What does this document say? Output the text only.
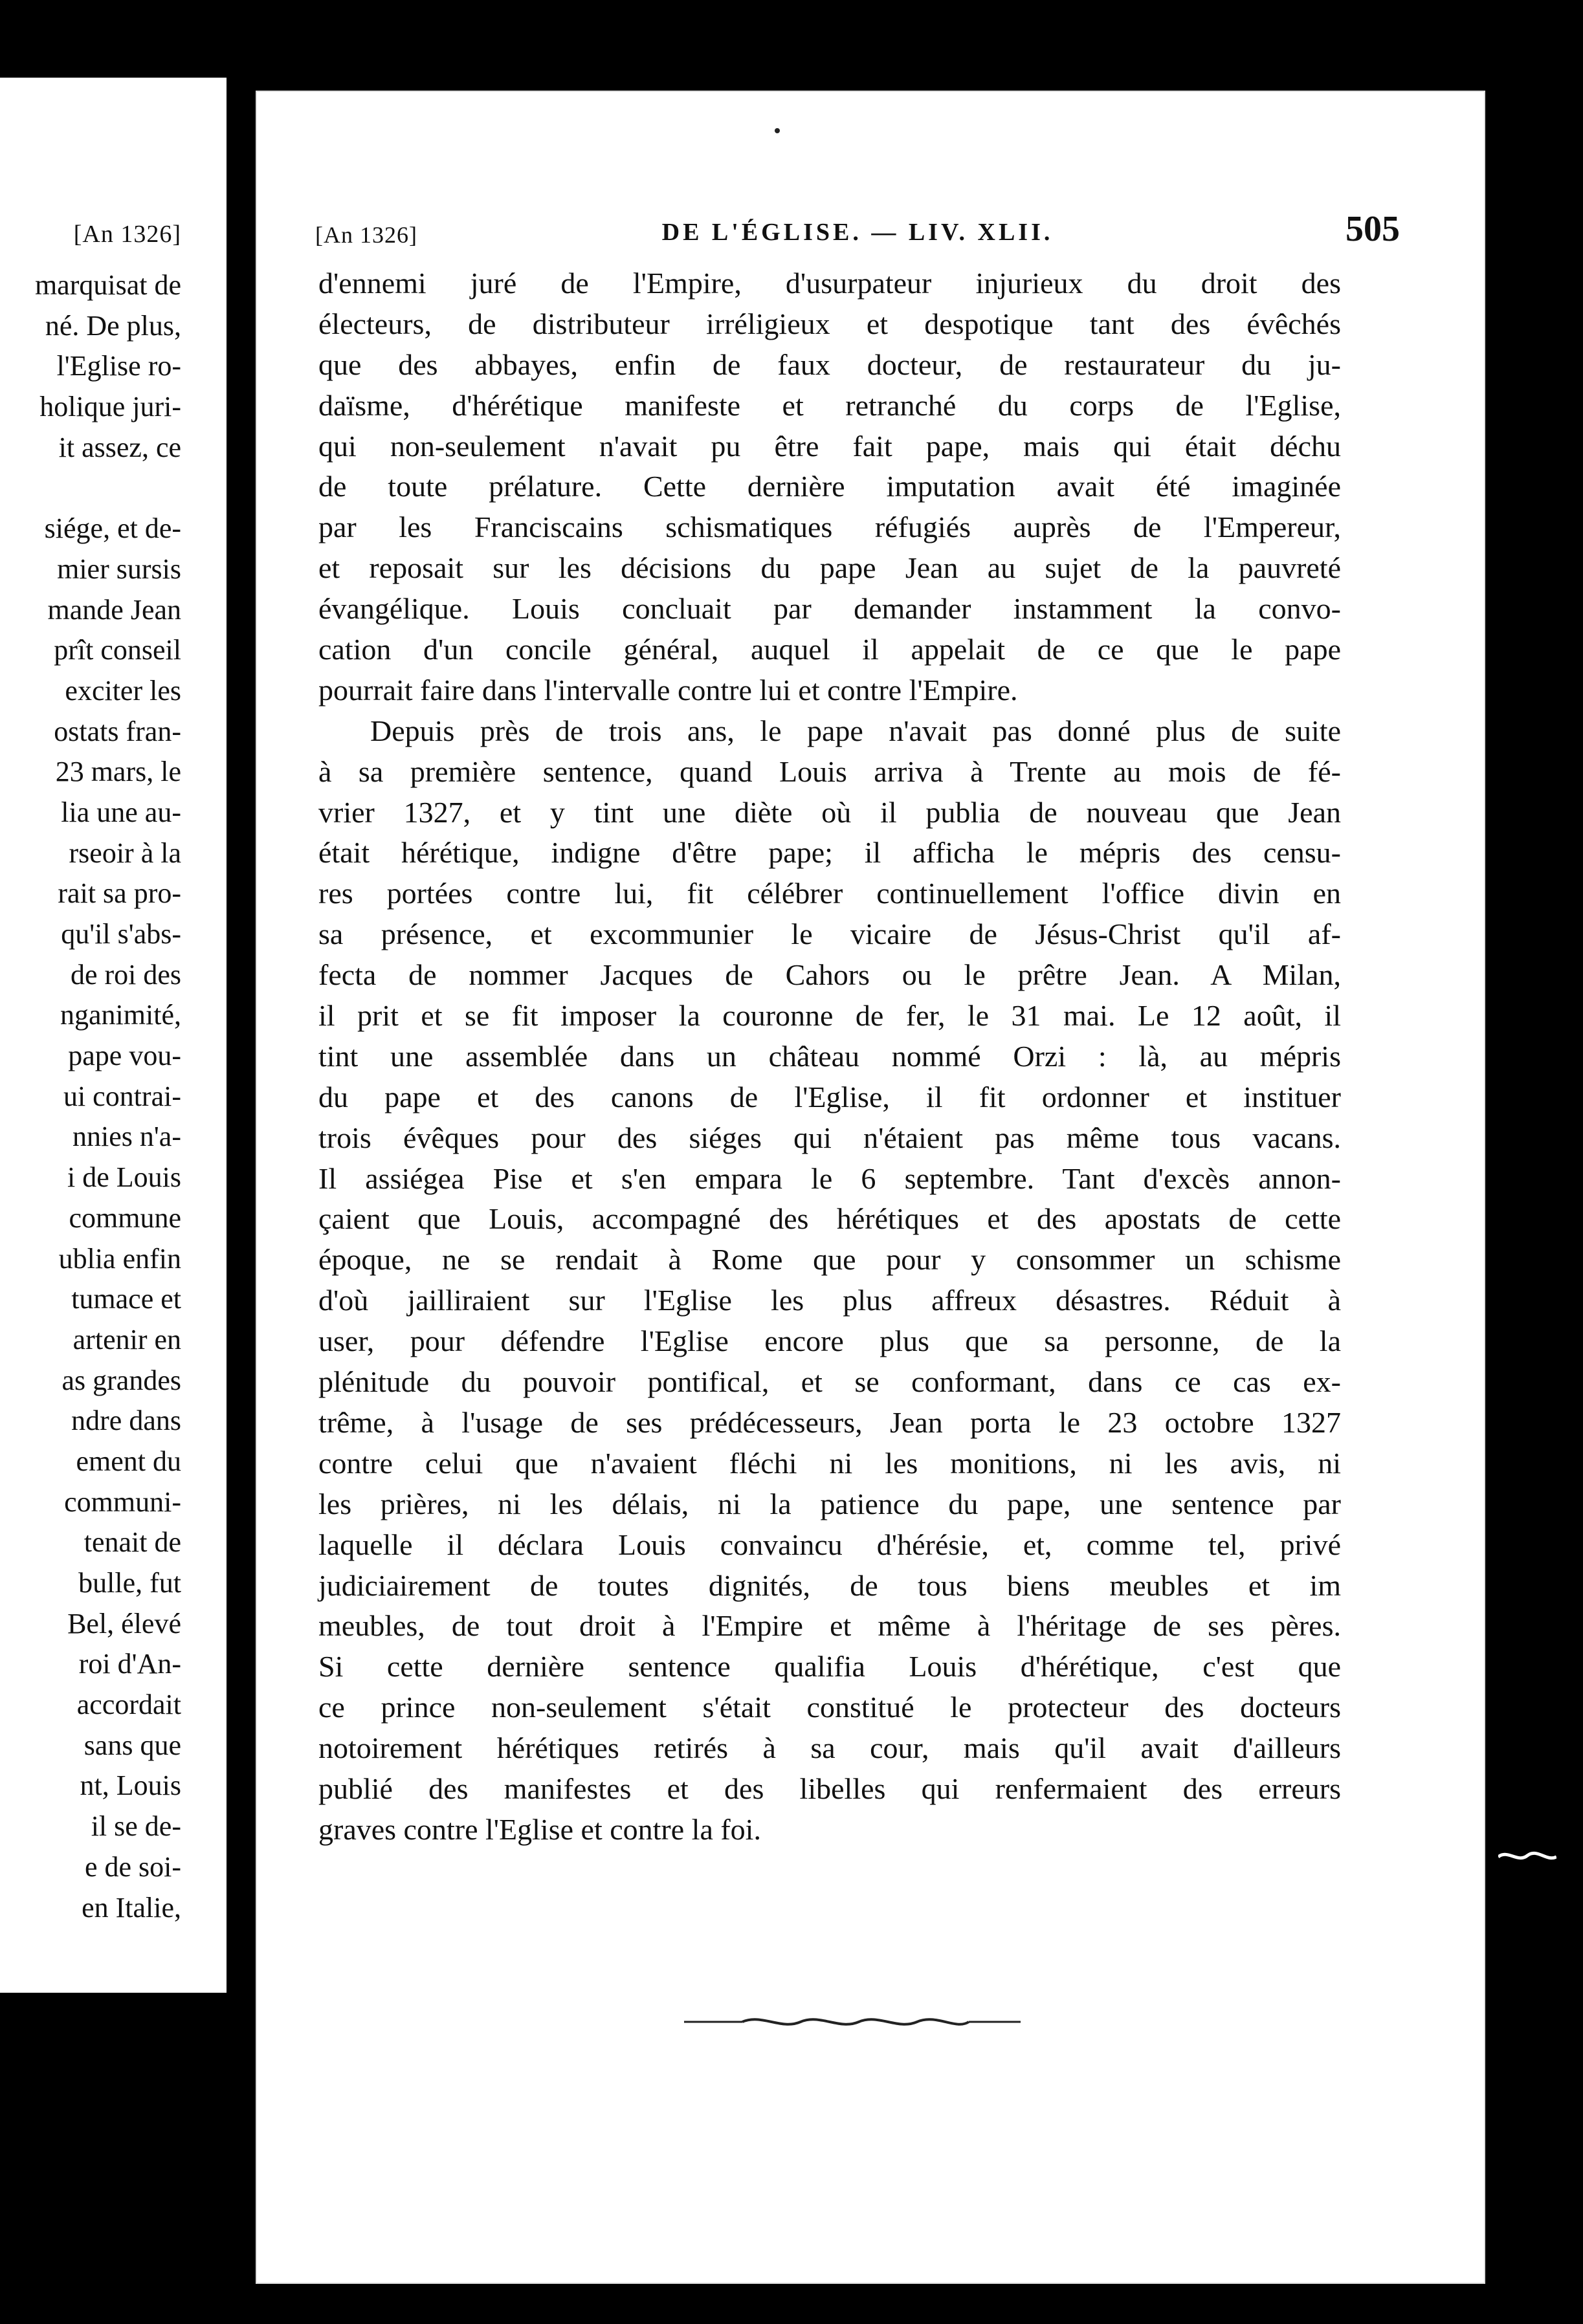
[An 1326]
marquisat de
né. De plus,
l'Eglise ro-
holique juri-
it assez, ce
siége, et de-
mier sursis
mande Jean
prît conseil
exciter les
ostats fran-
23 mars, le
lia une au-
rseoir à la
rait sa pro-
qu'il s'abs-
de roi des
nganimité,
pape vou-
ui contrai-
nnies n'a-
i de Louis
commune
ublia enfin
tumace et
artenir en
as grandes
ndre dans
ement du
communi-
tenait de
bulle, fut
Bel, élevé
roi d'An-
accordait
sans que
nt, Louis
il se de-
e de soi-
en Italie,
[An 1326]	DE L'ÉGLISE. — LIV. XLII.	505
d'ennemi juré de l'Empire, d'usurpateur injurieux du droit des
électeurs, de distributeur irréligieux et despotique tant des évêchés
que des abbayes, enfin de faux docteur, de restaurateur du ju-
daïsme, d'hérétique manifeste et retranché du corps de l'Eglise,
qui non-seulement n'avait pu être fait pape, mais qui était déchu
de toute prélature. Cette dernière imputation avait été imaginée
par les Franciscains schismatiques réfugiés auprès de l'Empereur,
et reposait sur les décisions du pape Jean au sujet de la pauvreté
évangélique. Louis concluait par demander instamment la convo-
cation d'un concile général, auquel il appelait de ce que le pape
pourrait faire dans l'intervalle contre lui et contre l'Empire.
Depuis près de trois ans, le pape n'avait pas donné plus de suite
à sa première sentence, quand Louis arriva à Trente au mois de fé-
vrier 1327, et y tint une diète où il publia de nouveau que Jean
était hérétique, indigne d'être pape; il afficha le mépris des censu-
res portées contre lui, fit célébrer continuellement l'office divin en
sa présence, et excommunier le vicaire de Jésus-Christ qu'il af-
fecta de nommer Jacques de Cahors ou le prêtre Jean. A Milan,
il prit et se fit imposer la couronne de fer, le 31 mai. Le 12 août, il
tint une assemblée dans un château nommé Orzi : là, au mépris
du pape et des canons de l'Eglise, il fit ordonner et instituer
trois évêques pour des siéges qui n'étaient pas même tous vacans.
Il assiégea Pise et s'en empara le 6 septembre. Tant d'excès annon-
çaient que Louis, accompagné des hérétiques et des apostats de cette
époque, ne se rendait à Rome que pour y consommer un schisme
d'où jailliraient sur l'Eglise les plus affreux désastres. Réduit à
user, pour défendre l'Eglise encore plus que sa personne, de la
plénitude du pouvoir pontifical, et se conformant, dans ce cas ex-
trême, à l'usage de ses prédécesseurs, Jean porta le 23 octobre 1327
contre celui que n'avaient fléchi ni les monitions, ni les avis, ni
les prières, ni les délais, ni la patience du pape, une sentence par
laquelle il déclara Louis convaincu d'hérésie, et, comme tel, privé
judiciairement de toutes dignités, de tous biens meubles et im
meubles, de tout droit à l'Empire et même à l'héritage de ses pères.
Si cette dernière sentence qualifia Louis d'hérétique, c'est que
ce prince non-seulement s'était constitué le protecteur des docteurs
notoirement hérétiques retirés à sa cour, mais qu'il avait d'ailleurs
publié des manifestes et des libelles qui renfermaient des erreurs
graves contre l'Eglise et contre la foi.
